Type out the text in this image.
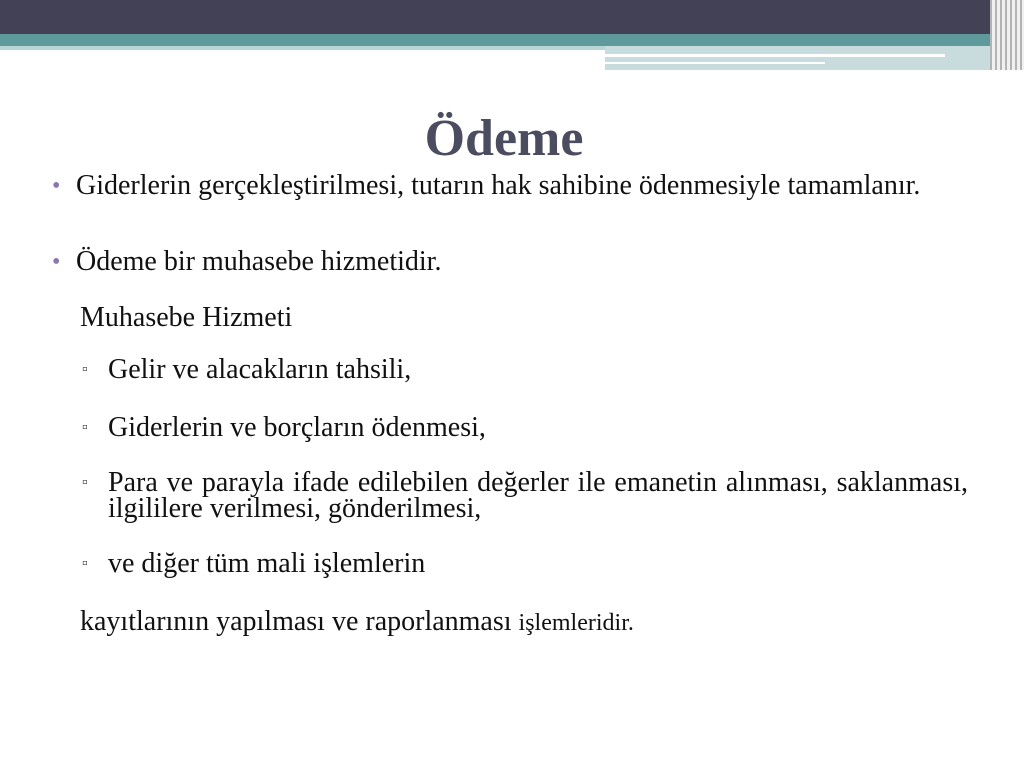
Ödeme
• Giderlerin gerçekleştirilmesi, tutarın hak sahibine ödenmesiyle tamamlanır.
• Ödeme bir muhasebe hizmetidir.
Muhasebe Hizmeti
▫ Gelir ve alacakların tahsili,
▫ Giderlerin ve borçların ödenmesi,
▫ Para ve parayla ifade edilebilen değerler ile emanetin alınması, saklanması, ilgililere verilmesi, gönderilmesi,
▫ ve diğer tüm mali işlemlerin
kayıtlarının yapılması ve raporlanması işlemleridir.
